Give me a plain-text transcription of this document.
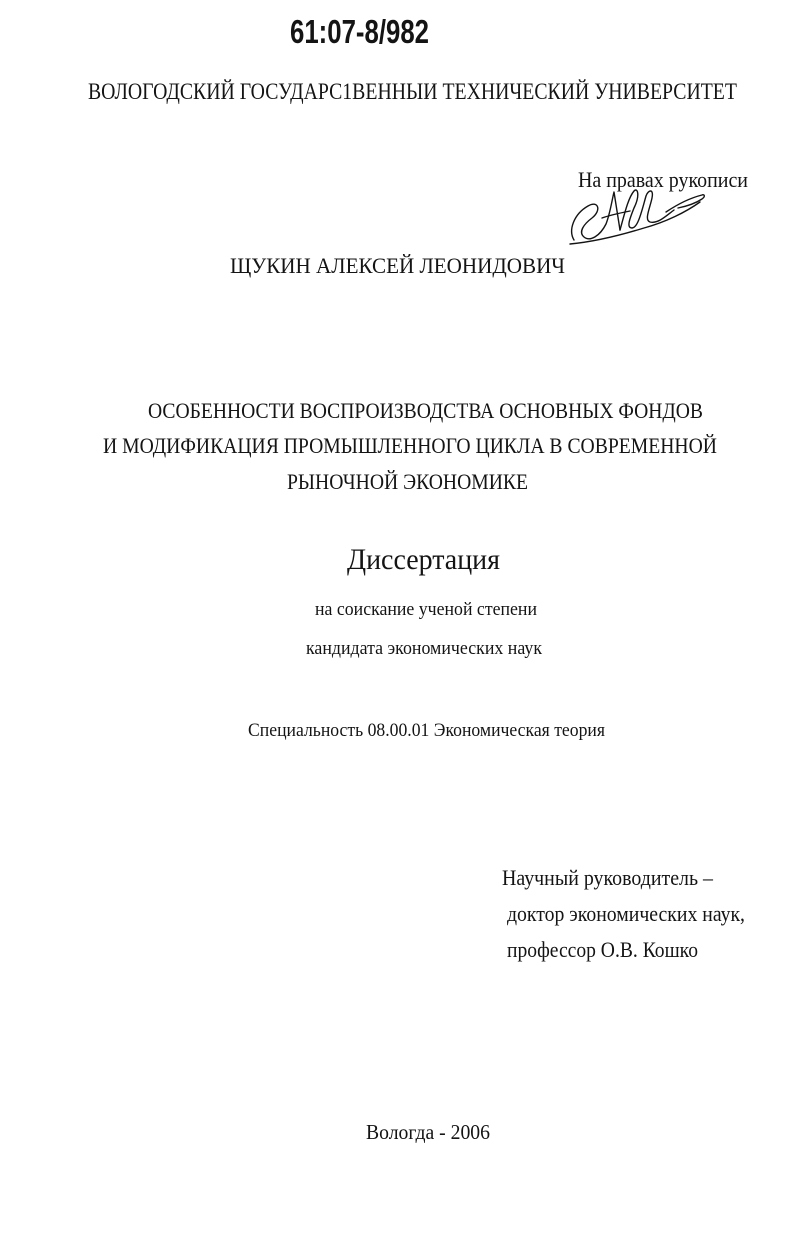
61:07-8/982
ВОЛОГОДСКИЙ ГОСУДАРС1ВЕННЫИ ТЕХНИЧЕСКИЙ УНИВЕРСИТЕТ
На правах рукописи
ЩУКИН АЛЕКСЕЙ ЛЕОНИДОВИЧ
ОСОБЕННОСТИ ВОСПРОИЗВОДСТВА ОСНОВНЫХ ФОНДОВ
И МОДИФИКАЦИЯ ПРОМЫШЛЕННОГО ЦИКЛА В СОВРЕМЕННОЙ
РЫНОЧНОЙ ЭКОНОМИКЕ
Диссертация
на соискание ученой степени
кандидата экономических наук
Специальность 08.00.01 Экономическая теория
Научный руководитель –
доктор экономических наук,
профессор О.В. Кошко
Вологда - 2006
